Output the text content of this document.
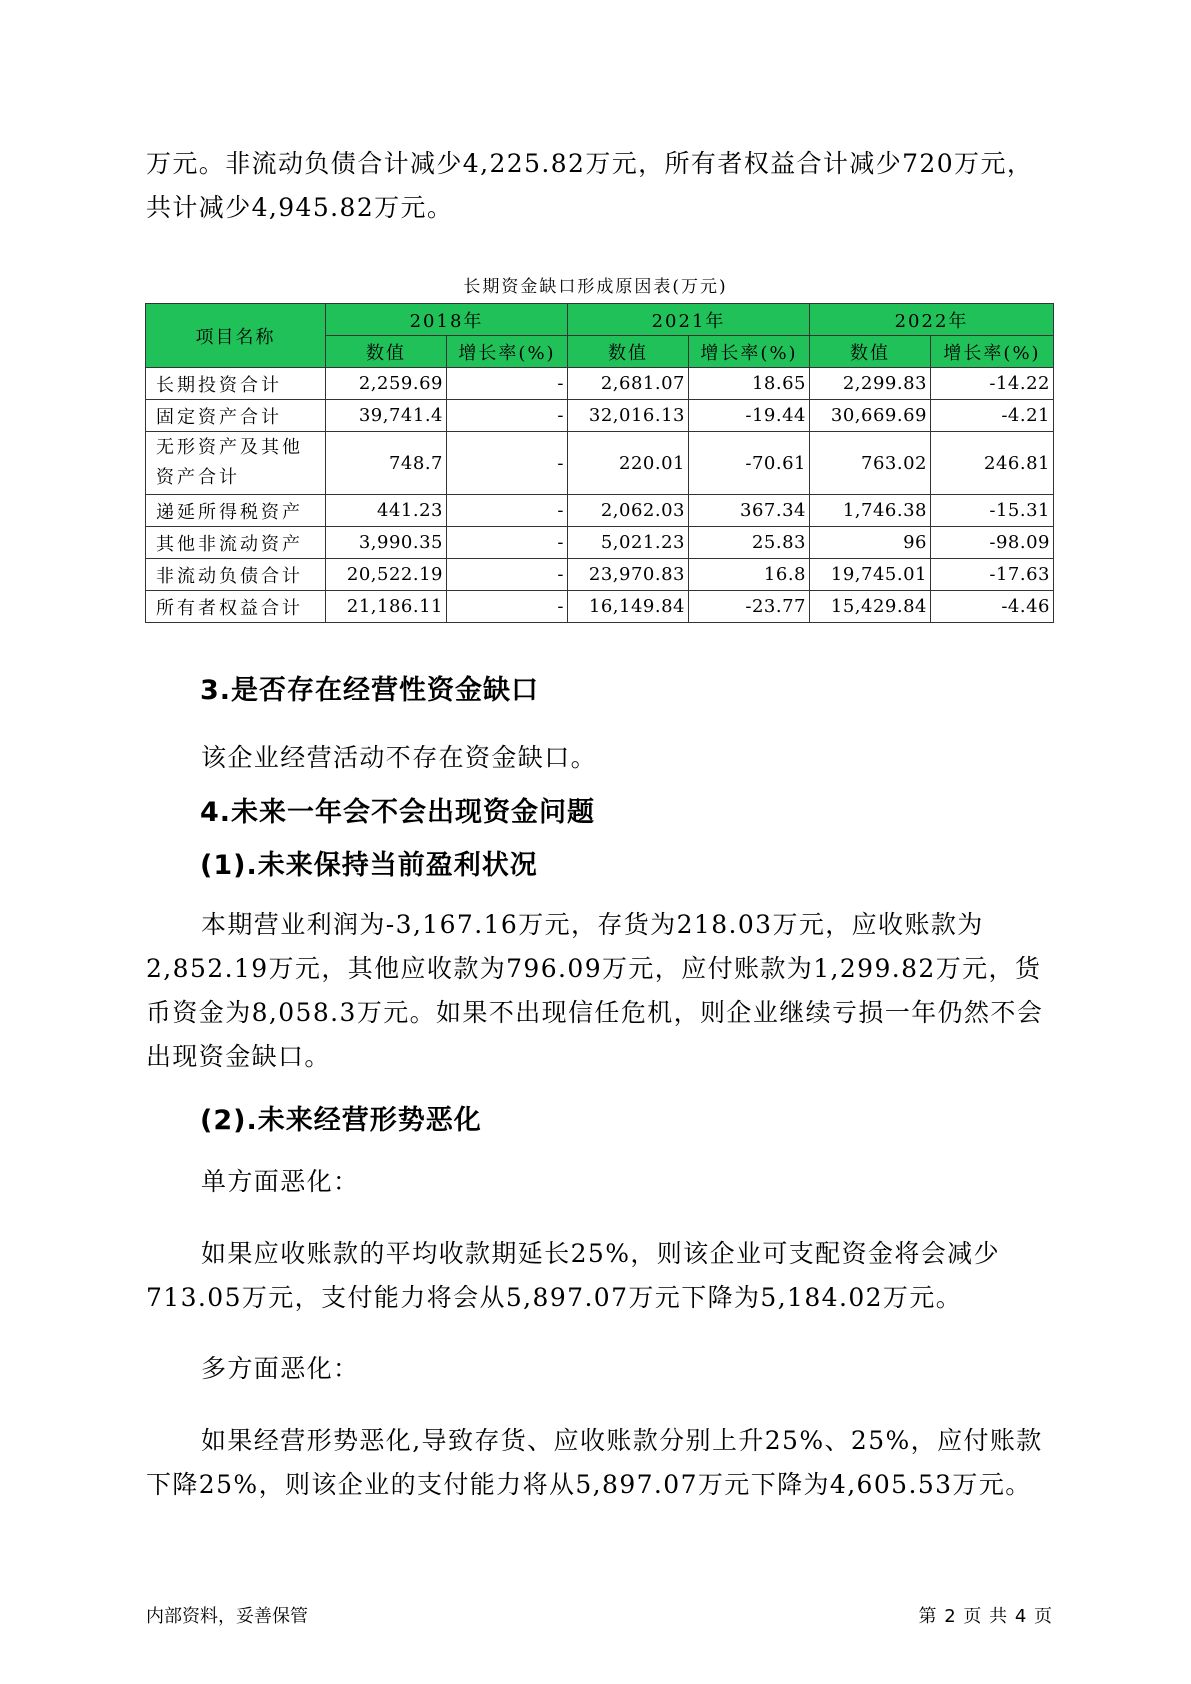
万元。非流动负债合计减少4,225.82万元，所有者权益合计减少720万元，共计减少4,945.82万元。

长期资金缺口形成原因表(万元)
项目名称	2018年		2021年		2022年	
	数值	增长率(%)	数值	增长率(%)	数值	增长率(%)
长期投资合计	2,259.69	-	2,681.07	18.65	2,299.83	-14.22
固定资产合计	39,741.4	-	32,016.13	-19.44	30,669.69	-4.21
无形资产及其他资产合计	748.7	-	220.01	-70.61	763.02	246.81
递延所得税资产	441.23	-	2,062.03	367.34	1,746.38	-15.31
其他非流动资产	3,990.35	-	5,021.23	25.83	96	-98.09
非流动负债合计	20,522.19	-	23,970.83	16.8	19,745.01	-17.63
所有者权益合计	21,186.11	-	16,149.84	-23.77	15,429.84	-4.46
3.是否存在经营性资金缺口

该企业经营活动不存在资金缺口。

4.未来一年会不会出现资金问题
(1).未来保持当前盈利状况

本期营业利润为-3,167.16万元，存货为218.03万元，应收账款为2,852.19万元，其他应收款为796.09万元，应付账款为1,299.82万元，货币资金为8,058.3万元。如果不出现信任危机，则企业继续亏损一年仍然不会出现资金缺口。

(2).未来经营形势恶化

单方面恶化：

如果应收账款的平均收款期延长25%，则该企业可支配资金将会减少713.05万元，支付能力将会从5,897.07万元下降为5,184.02万元。

多方面恶化：

如果经营形势恶化,导致存货、应收账款分别上升25%、25%，应付账款下降25%，则该企业的支付能力将从5,897.07万元下降为4,605.53万元。

内部资料，妥善保管	第 2 页 共 4 页
